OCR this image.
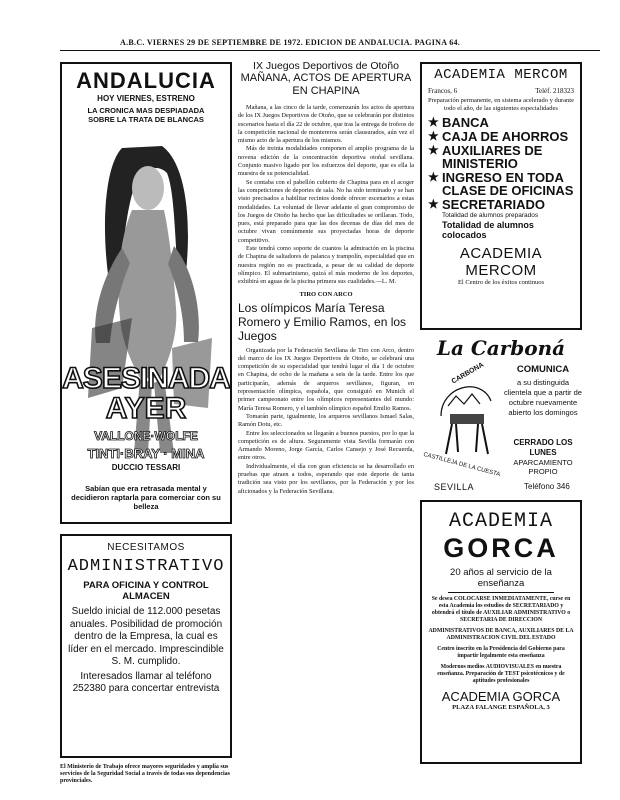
A.B.C. VIERNES 29 DE SEPTIEMBRE DE 1972. EDICION DE ANDALUCIA. PAGINA 64.
ANDALUCIA
HOY VIERNES, ESTRENO
LA CRONICA MAS DESPIADADA
SOBRE LA TRATA DE BLANCAS
ASESINADA
AYER
VALLONE·WOLFE
TINTI·BRAY · MINA
DUCCIO TESSARI
Sabían que era retrasada mental y decidieron raptarla para comerciar con su belleza
NECESITAMOS
ADMINISTRATIVO
PARA OFICINA Y CONTROL
ALMACEN
Sueldo inicial de 112.000 pesetas anuales. Posibilidad de promoción dentro de la Empresa, la cual es líder en el mercado. Imprescindible S. M. cumplido.
Interesados llamar al teléfono 252380 para concertar entrevista
El Ministerio de Trabajo ofrece mayores seguridades y amplía sus servicios de la Seguridad Social a través de todas sus dependencias provinciales.
IX Juegos Deportivos de Otoño
MAÑANA, ACTOS DE APERTURA
EN CHAPINA

Mañana, a las cinco de la tarde, comenzarán los actos de apertura de los IX Juegos Deportivos de Otoño, que se celebrarán por distintos escenarios hasta el día 22 de octubre, que tras la entrega de trofeos de la competición nacional de montereros serán clausurados, aún vez el mismo acto de la apertura de los mismos.

Más de treinta modalidades componen el amplio programa de la novena edición de la concentración deportiva otoñal sevillana. Conjunto masivo ligado por los esfuerzos del deporte, que es ella la muestra de su potencialidad.

Se contaba con el pabellón cubierto de Chapina para en el acoger las competiciones de deportes de sala. No ha sido terminado y se han visto precisados a habilitar recintos donde ofrecer escenarios a estas modalidades. La voluntad de llevar adelante el gran compromiso de los Juegos de Otoño ha hecho que las dificultades se orillaran. Todo, pues, está preparado para que las dos decenas de días del mes de octubre vivan comúnmente sus proyectadas horas de deporte competitivo.

Este tendrá como soporte de cuantos la admiración en la piscina de Chapina de saltadores de palanca y trampolín, especialidad que en nuestra región no es practicada, a pesar de su calidad de deporte olímpico. El submarinismo, quizá el más moderno de los deportes, exhibirá en aguas de la piscina primera sus cualidades.—L. M.

TIRO CON ARCO
Los olímpicos María Teresa Romero y Emilio Ramos, en los Juegos

Organizada por la Federación Sevillana de Tiro con Arco, dentro del marco de los IX Juegos Deportivos de Otoño, se celebrará una competición de su especialidad que tendrá lugar el día 1 de octubre en Chapina, de ocho de la mañana a seis de la tarde. Entre los que participarán, además de arqueros sevillanos, figuran, en representación olímpica, española, que consiguió en Munich el primer campeonato entre los olímpicos representantes del mundo: María Teresa Romero, y el también olímpico español Emilio Ramos.

Tomarán parte, igualmente, los arqueros sevillanos Ismael Salas, Ramón Dotu, etc.

Entre los seleccionados se llegarán a buenos puestos, por lo que la competición es de altura. Seguramente vista Sevilla formarán con Armando Moreno, Jorge García, Carlos Cansejo y José Recuerda, entre otros.

Individualmente, el día con gran eficiencia se ha desarrollado en pruebas que atraen a todos, esperando que este deporte de tanta tradición sea visto por los sevillanos, por la Federación y por los aficionados y la Federación Sevillana.

ACADEMIA MERCOM
Francos, 6	Teléf. 218323
Preparación permanente, en sistema acelerado y durante todo el año, de las siguientes especialidades
★ BANCA
★ CAJA DE AHORROS
★ AUXILIARES DE MINISTERIO
★ INGRESO EN TODA CLASE DE OFICINAS
★ SECRETARIADO
Totalidad de alumnos preparados
Totalidad de alumnos colocados
ACADEMIA MERCOM
El Centro de los éxitos continuos
La Carboná
CARBONA
CASTILLEJA DE LA CUESTA
COMUNICA
a su distinguida clientela que a partir de octubre nuevamente abierto los domingos
CERRADO LOS LUNES
APARCAMIENTO PROPIO
SEVILLA	Teléfono 346
ACADEMIA
GORCA
20 años al servicio de la enseñanza
Se desea COLOCARSE INMEDIATAMENTE, curse en esta Academia los estudios de SECRETARIADO y obtendrá el título de AUXILIAR ADMINISTRATIVO o SECRETARIA DE DIRECCION
ADMINISTRATIVOS DE BANCA, AUXILIARES DE LA ADMINISTRACION CIVIL DEL ESTADO
Centro inscrito en la Presidencia del Gobierno para impartir legalmente esta enseñanza
Modernos medios AUDIOVISUALES en nuestra enseñanza. Preparación de TEST psicotécnicos y de aptitudes profesionales
ACADEMIA GORCA
PLAZA FALANGE ESPAÑOLA, 3
